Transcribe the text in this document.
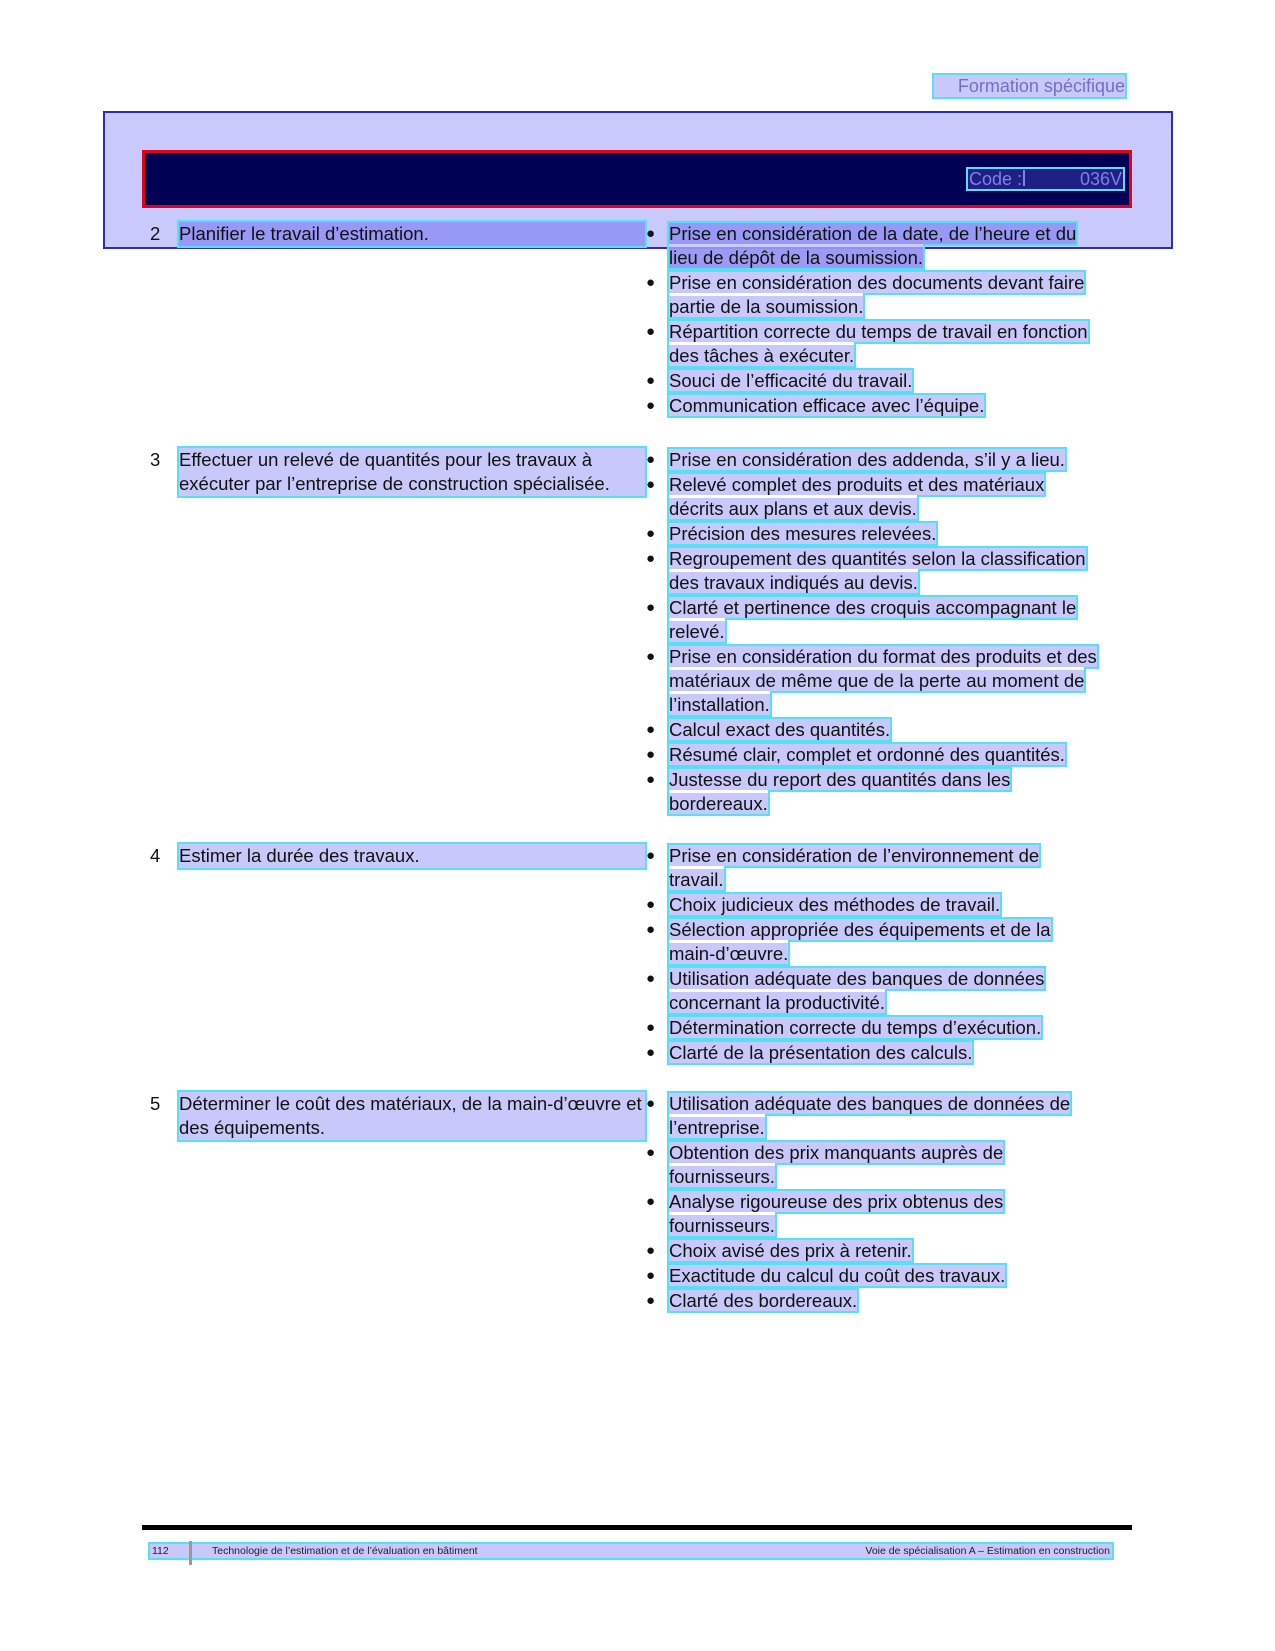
Formation spécifique
Code :	036V
2	Planifier le travail d’estimation.	● Prise en considération de la date, de l’heure et du lieu de dépôt de la soumission.
● Prise en considération des documents devant faire partie de la soumission.
● Répartition correcte du temps de travail en fonction des tâches à exécuter.
● Souci de l’efficacité du travail.
● Communication efficace avec l’équipe.
3	Effectuer un relevé de quantités pour les travaux à exécuter par l’entreprise de construction spécialisée.
● Prise en considération des addenda, s’il y a lieu.
● Relevé complet des produits et des matériaux décrits aux plans et aux devis.
● Précision des mesures relevées.
● Regroupement des quantités selon la classification des travaux indiqués au devis.
● Clarté et pertinence des croquis accompagnant le relevé.
● Prise en considération du format des produits et des matériaux de même que de la perte au moment de l’installation.
● Calcul exact des quantités.
● Résumé clair, complet et ordonné des quantités.
● Justesse du report des quantités dans les bordereaux.
4	Estimer la durée des travaux.	● Prise en considération de l’environnement de travail.
● Choix judicieux des méthodes de travail.
● Sélection appropriée des équipements et de la main-d’œuvre.
● Utilisation adéquate des banques de données concernant la productivité.
● Détermination correcte du temps d’exécution.
● Clarté de la présentation des calculs.
5	Déterminer le coût des matériaux, de la main-d’œuvre et des équipements.
● Utilisation adéquate des banques de données de l’entreprise.
● Obtention des prix manquants auprès de fournisseurs.
● Analyse rigoureuse des prix obtenus des fournisseurs.
● Choix avisé des prix à retenir.
● Exactitude du calcul du coût des travaux.
● Clarté des bordereaux.
112	Technologie de l’estimation et de l’évaluation en bâtiment	Voie de spécialisation A – Estimation en construction
